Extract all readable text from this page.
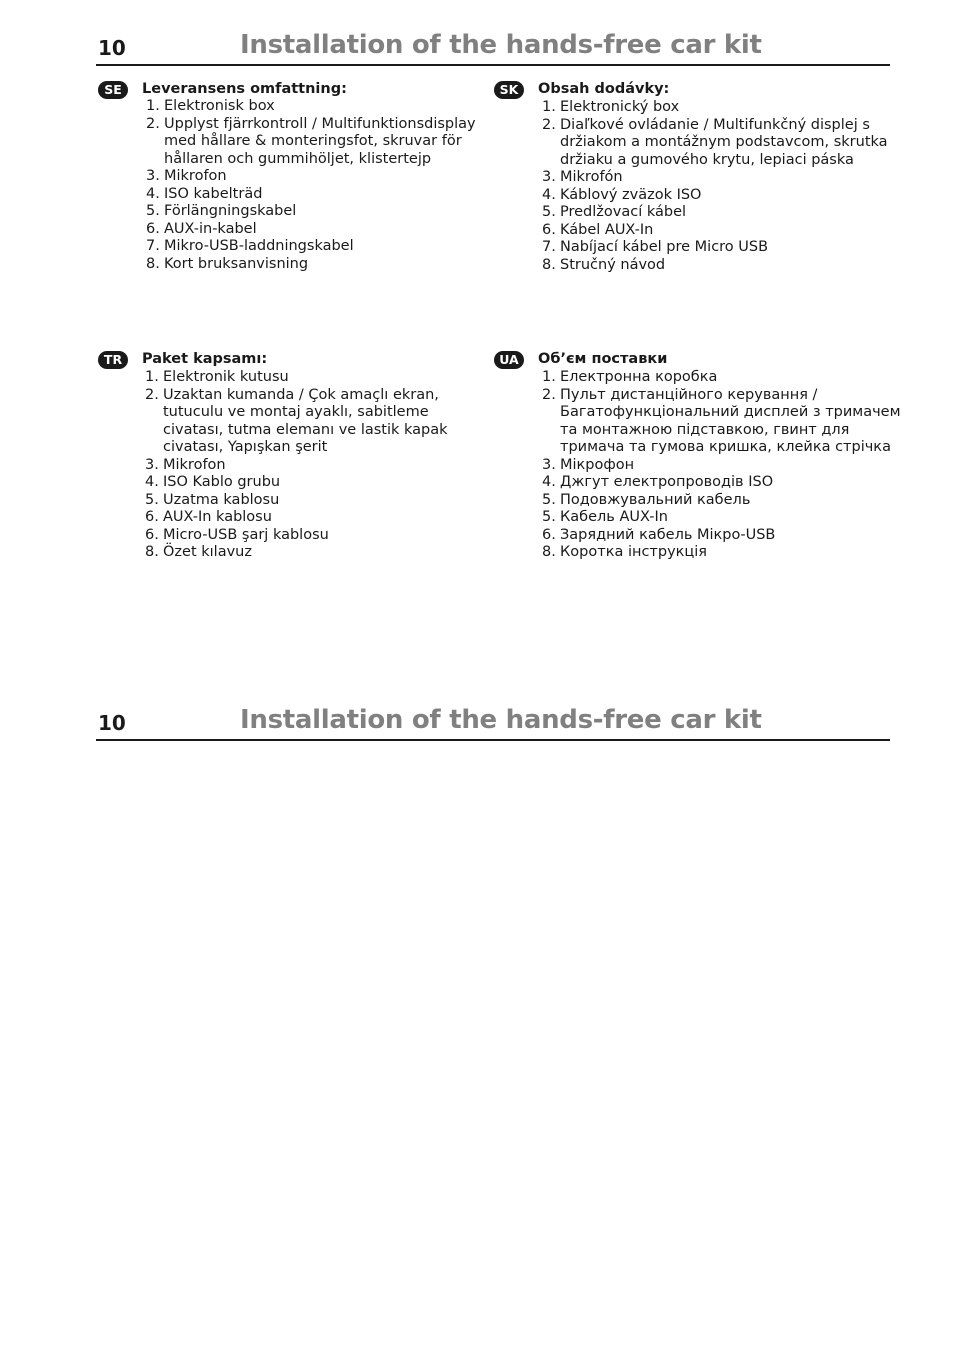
10	Installation of the hands-free car kit
SE	Leveransens omfattning:
1. Elektronisk box
2. Upplyst fjärrkontroll / Multifunktionsdisplay med hållare & monteringsfot, skruvar för hållaren och gummihöljet, klistertejp
3. Mikrofon
4. ISO kabelträd
5. Förlängningskabel
6. AUX-in-kabel
7. Mikro-USB-laddningskabel
8. Kort bruksanvisning
SK	Obsah dodávky:
1. Elektronický box
2. Diaľkové ovládanie / Multifunkčný displej s držiakom a montážnym podstavcom, skrutka držiaku a gumového krytu, lepiaci páska
3. Mikrofón
4. Káblový zväzok ISO
5. Predlžovací kábel
6. Kábel AUX-In
7. Nabíjací kábel pre Micro USB
8. Stručný návod
TR	Paket kapsamı:
1. Elektronik kutusu
2. Uzaktan kumanda / Çok amaçlı ekran, tutuculu ve montaj ayaklı, sabitleme civatası, tutma elemanı ve lastik kapak civatası, Yapışkan şerit
3. Mikrofon
4. ISO Kablo grubu
5. Uzatma kablosu
6. AUX-In kablosu
6. Micro-USB şarj kablosu
8. Özet kılavuz
UA	Об’єм поставки
1. Електронна коробка
2. Пульт дистанційного керування / Багатофункціональний дисплей з тримачем та монтажною підставкою, гвинт для тримача та гумова кришка, клейка стрічка
3. Мікрофон
4. Джгут електропроводів ISO
5. Подовжувальний кабель
5. Кабель AUX-In
6. Зарядний кабель Мікро-USB
8. Коротка інструкція
10	Installation of the hands-free car kit
